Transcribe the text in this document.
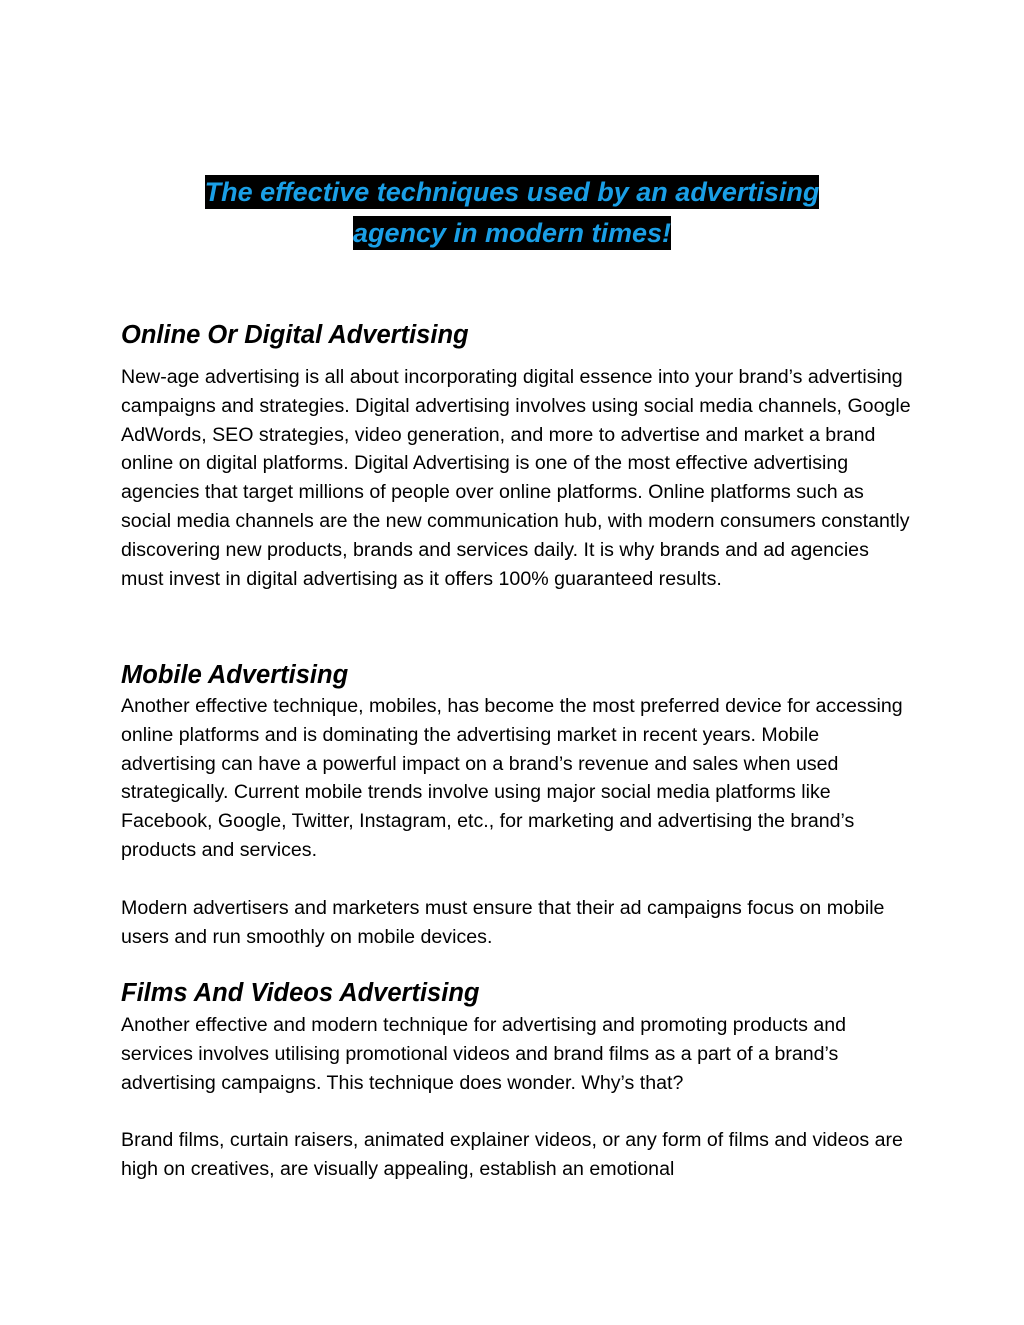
The effective techniques used by an advertising
agency in modern times!
Online Or Digital Advertising

New-age advertising is all about incorporating digital essence into your brand’s advertising campaigns and strategies. Digital advertising involves using social media channels, Google AdWords, SEO strategies, video generation, and more to advertise and market a brand online on digital platforms. Digital Advertising is one of the most effective advertising agencies that target millions of people over online platforms. Online platforms such as social media channels are the new communication hub, with modern consumers constantly discovering new products, brands and services daily. It is why brands and ad agencies must invest in digital advertising as it offers 100% guaranteed results.

Mobile Advertising

Another effective technique, mobiles, has become the most preferred device for accessing online platforms and is dominating the advertising market in recent years. Mobile advertising can have a powerful impact on a brand’s revenue and sales when used strategically. Current mobile trends involve using major social media platforms like Facebook, Google, Twitter, Instagram, etc., for marketing and advertising the brand’s products and services.

Modern advertisers and marketers must ensure that their ad campaigns focus on mobile users and run smoothly on mobile devices.

Films And Videos Advertising

Another effective and modern technique for advertising and promoting products and services involves utilising promotional videos and brand films as a part of a brand’s advertising campaigns. This technique does wonder. Why’s that?

Brand films, curtain raisers, animated explainer videos, or any form of films and videos are high on creatives, are visually appealing, establish an emotional
